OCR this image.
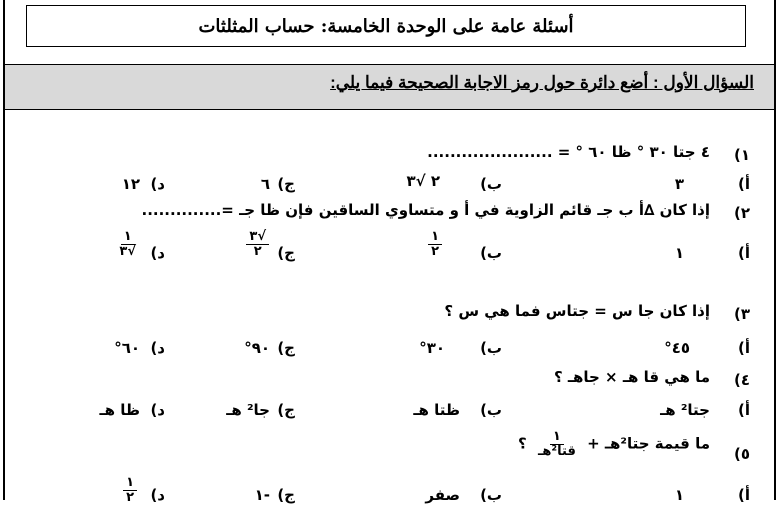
أسئلة عامة على الوحدة الخامسة: حساب المثلثات
السؤال الأول : أضع دائرة حول رمز الاجابة الصحيحة فيما يلي:
١)
٤ جتا ٣٠ ° ظا ٦٠ ° = ......................
أ)
٣
ب)
٢ √٣
ج)
٦
د)
١٢
٢)
إذا كان ∆أ ب جـ قائم الزاوية في أ و متساوي الساقين فإن ظا جـ =..............
أ)
١
ب)
$\frac{١}{٢}$
ج)
$\frac{√٣}{٢}$
د)
$\frac{١}{√٣}$
٣)
إذا كان جا س = جتاس فما هي س ؟
أ)
٤٥°
ب)
٣٠°
ج)
٩٠°
د)
٦٠°
٤)
ما هي قا هـ × جاهـ ؟
أ)
جتا² هـ
ب)
ظتا هـ
ج)
جا² هـ
د)
ظا هـ
٥)
ما قيمة جتا²هـ +
$\frac{١}{\text{قتا²هـ}}$
؟
أ)
١
ب)
صفر
ج)
-١
د)
$\frac{١}{٢}$
